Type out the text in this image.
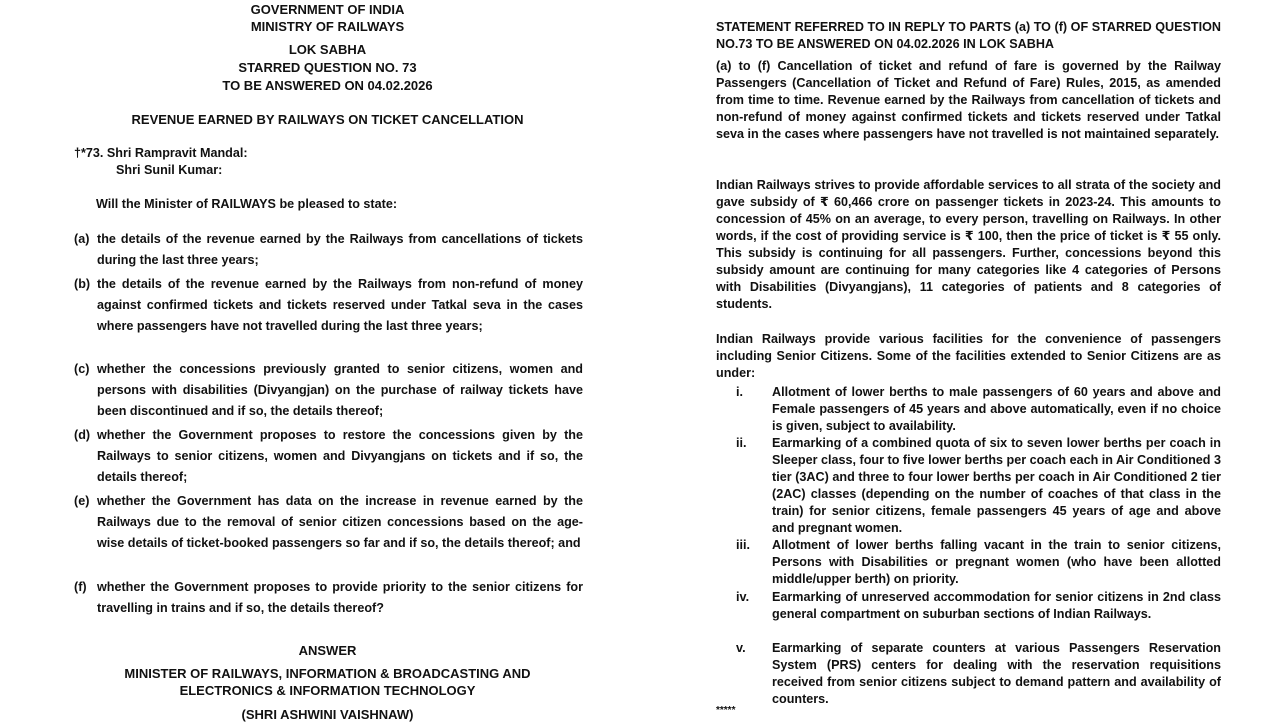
GOVERNMENT OF INDIA
MINISTRY OF RAILWAYS
LOK SABHA
STARRED QUESTION NO. 73
TO BE ANSWERED ON 04.02.2026
REVENUE EARNED BY RAILWAYS ON TICKET CANCELLATION
†*73. Shri Rampravit Mandal:
Shri Sunil Kumar:
Will the Minister of RAILWAYS be pleased to state:
(a) the details of the revenue earned by the Railways from cancellations of tickets during the last three years;
(b) the details of the revenue earned by the Railways from non-refund of money against confirmed tickets and tickets reserved under Tatkal seva in the cases where passengers have not travelled during the last three years;
(c) whether the concessions previously granted to senior citizens, women and persons with disabilities (Divyangjan) on the purchase of railway tickets have been discontinued and if so, the details thereof;
(d) whether the Government proposes to restore the concessions given by the Railways to senior citizens, women and Divyangjans on tickets and if so, the details thereof;
(e) whether the Government has data on the increase in revenue earned by the Railways due to the removal of senior citizen concessions based on the age-wise details of ticket-booked passengers so far and if so, the details thereof; and
(f) whether the Government proposes to provide priority to the senior citizens for travelling in trains and if so, the details thereof?
ANSWER
MINISTER OF RAILWAYS, INFORMATION & BROADCASTING AND
ELECTRONICS & INFORMATION TECHNOLOGY
(SHRI ASHWINI VAISHNAW)
STATEMENT REFERRED TO IN REPLY TO PARTS (a) TO (f) OF STARRED QUESTION NO.73 TO BE ANSWERED ON 04.02.2026 IN LOK SABHA
(a) to (f) Cancellation of ticket and refund of fare is governed by the Railway Passengers (Cancellation of Ticket and Refund of Fare) Rules, 2015, as amended from time to time. Revenue earned by the Railways from cancellation of tickets and non-refund of money against confirmed tickets and tickets reserved under Tatkal seva in the cases where passengers have not travelled is not maintained separately.
Indian Railways strives to provide affordable services to all strata of the society and gave subsidy of ₹ 60,466 crore on passenger tickets in 2023-24. This amounts to concession of 45% on an average, to every person, travelling on Railways. In other words, if the cost of providing service is ₹ 100, then the price of ticket is ₹ 55 only. This subsidy is continuing for all passengers. Further, concessions beyond this subsidy amount are continuing for many categories like 4 categories of Persons with Disabilities (Divyangjans), 11 categories of patients and 8 categories of students.
Indian Railways provide various facilities for the convenience of passengers including Senior Citizens. Some of the facilities extended to Senior Citizens are as under:
i.	Allotment of lower berths to male passengers of 60 years and above and Female passengers of 45 years and above automatically, even if no choice is given, subject to availability.
ii.	Earmarking of a combined quota of six to seven lower berths per coach in Sleeper class, four to five lower berths per coach each in Air Conditioned 3 tier (3AC) and three to four lower berths per coach in Air Conditioned 2 tier (2AC) classes (depending on the number of coaches of that class in the train) for senior citizens, female passengers 45 years of age and above and pregnant women.
iii.	Allotment of lower berths falling vacant in the train to senior citizens, Persons with Disabilities or pregnant women (who have been allotted middle/upper berth) on priority.
iv.	Earmarking of unreserved accommodation for senior citizens in 2nd class general compartment on suburban sections of Indian Railways.
v.	Earmarking of separate counters at various Passengers Reservation System (PRS) centers for dealing with the reservation requisitions received from senior citizens subject to demand pattern and availability of counters.
*****
